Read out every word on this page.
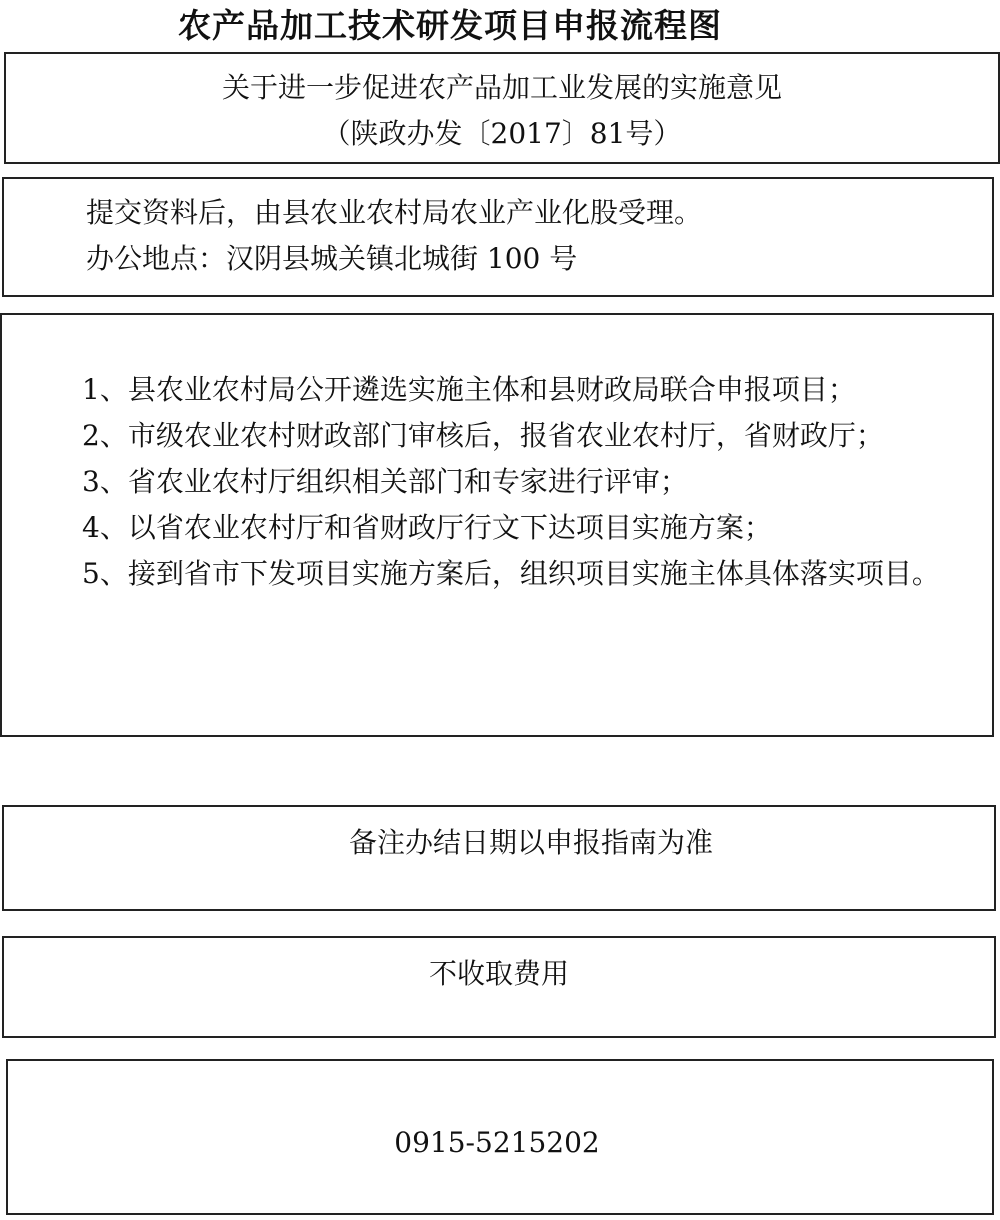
农产品加工技术研发项目申报流程图
关于进一步促进农产品加工业发展的实施意见
（陕政办发〔2017〕81号）
提交资料后，由县农业农村局农业产业化股受理。
办公地点：汉阴县城关镇北城街 100 号
1、县农业农村局公开遴选实施主体和县财政局联合申报项目；
2、市级农业农村财政部门审核后，报省农业农村厅，省财政厅；
3、省农业农村厅组织相关部门和专家进行评审；
4、以省农业农村厅和省财政厅行文下达项目实施方案；
5、接到省市下发项目实施方案后，组织项目实施主体具体落实项目。
备注办结日期以申报指南为准
不收取费用
0915-5215202
